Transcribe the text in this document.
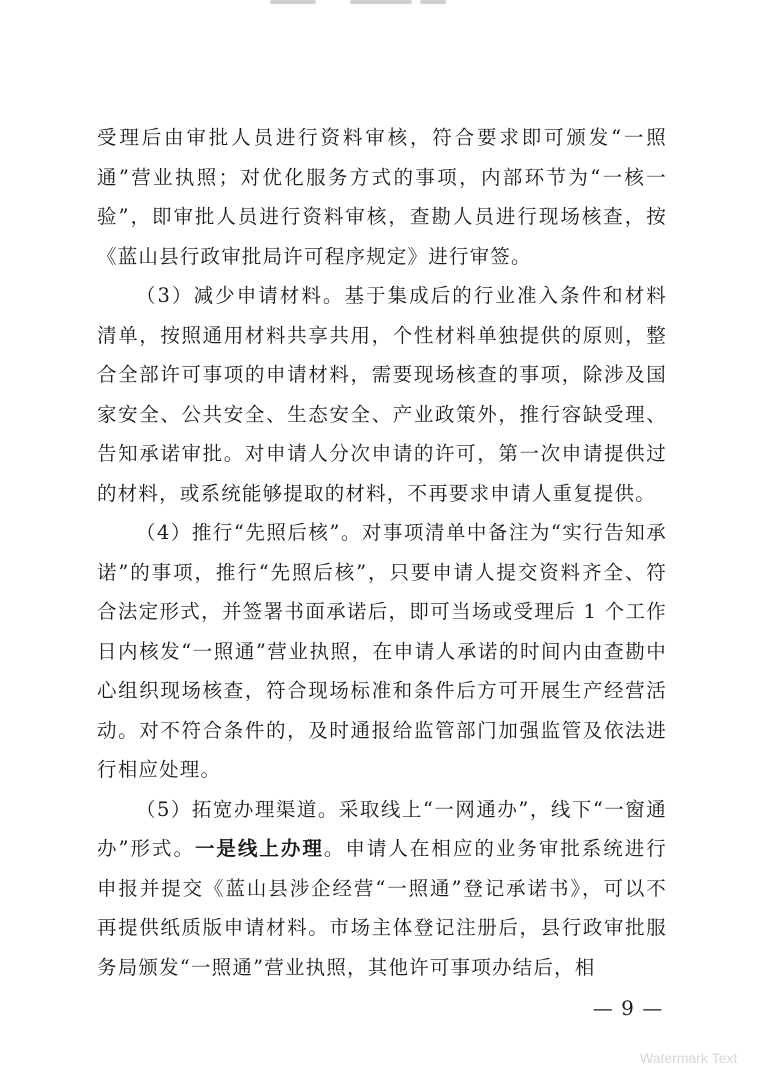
受理后由审批人员进行资料审核，符合要求即可颁发“一照通”营业执照；对优化服务方式的事项，内部环节为“一核一验”，即审批人员进行资料审核，查勘人员进行现场核查，按《蓝山县行政审批局许可程序规定》进行审签。

（3）减少申请材料。基于集成后的行业准入条件和材料清单，按照通用材料共享共用，个性材料单独提供的原则，整合全部许可事项的申请材料，需要现场核查的事项，除涉及国家安全、公共安全、生态安全、产业政策外，推行容缺受理、告知承诺审批。对申请人分次申请的许可，第一次申请提供过的材料，或系统能够提取的材料，不再要求申请人重复提供。

（4）推行“先照后核”。对事项清单中备注为“实行告知承诺”的事项，推行“先照后核”，只要申请人提交资料齐全、符合法定形式，并签署书面承诺后，即可当场或受理后 1 个工作日内核发“一照通”营业执照，在申请人承诺的时间内由查勘中心组织现场核查，符合现场标准和条件后方可开展生产经营活动。对不符合条件的，及时通报给监管部门加强监管及依法进行相应处理。

（5）拓宽办理渠道。采取线上“一网通办”，线下“一窗通办”形式。一是线上办理。申请人在相应的业务审批系统进行申报并提交《蓝山县涉企经营“一照通”登记承诺书》，可以不再提供纸质版申请材料。市场主体登记注册后，县行政审批服务局颁发“一照通”营业执照，其他许可事项办结后，相

— 9 —
Watermark Text
